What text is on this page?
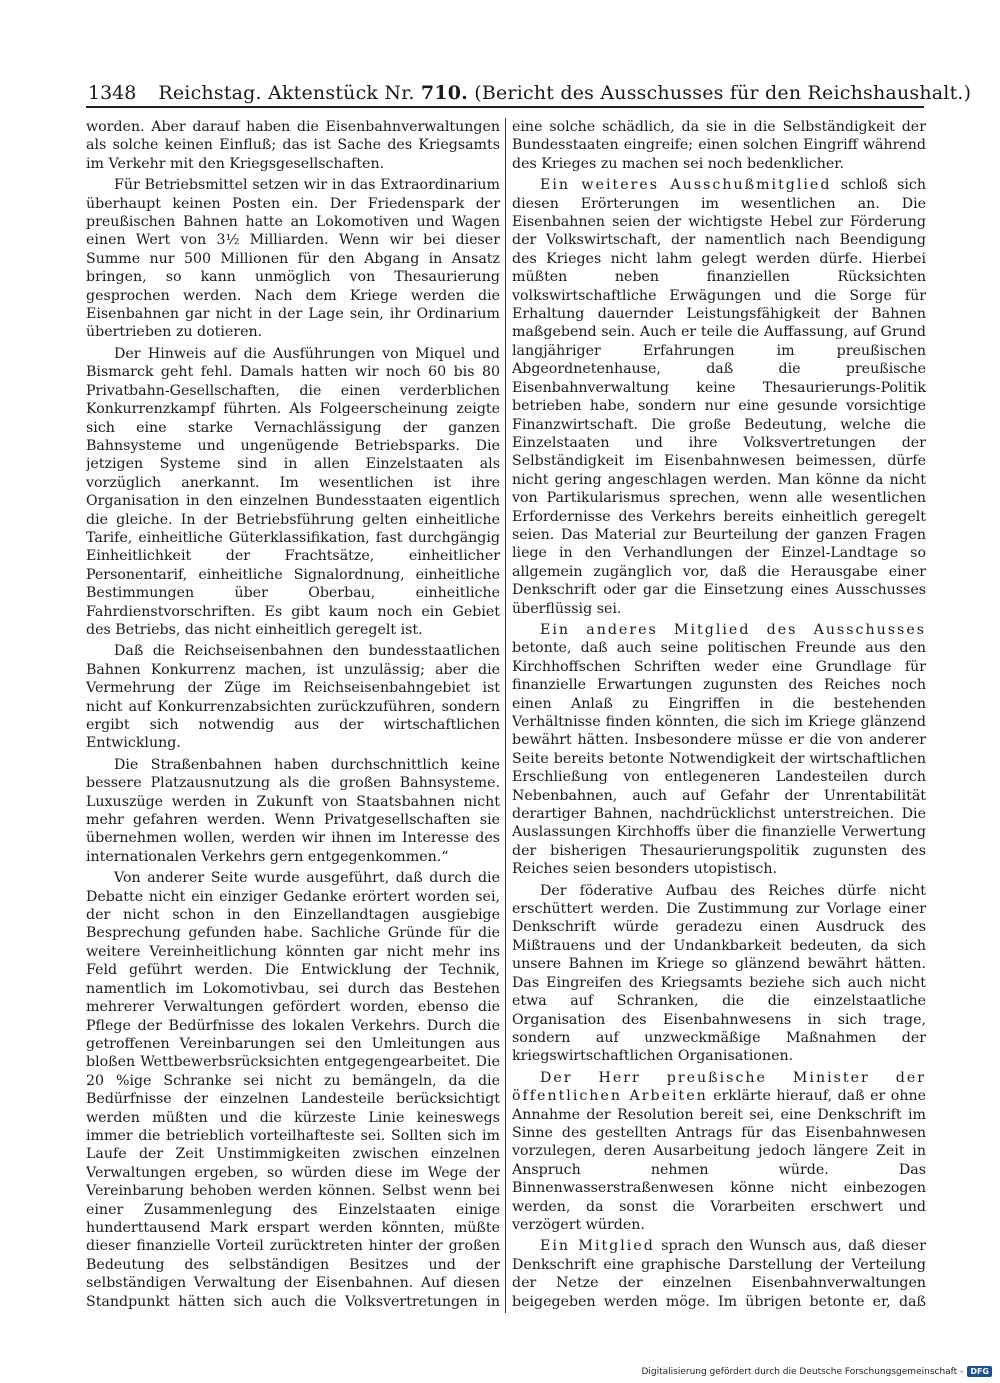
1348 Reichstag. Aktenstück Nr. 710. (Bericht des Ausschusses für den Reichshaushalt.)

worden. Aber darauf haben die Eisenbahnverwaltungen als solche keinen Einfluß; das ist Sache des Kriegsamts im Verkehr mit den Kriegsgesellschaften.

Für Betriebsmittel setzen wir in das Extraordinarium überhaupt keinen Posten ein. Der Friedenspark der preußischen Bahnen hatte an Lokomotiven und Wagen einen Wert von 3½ Milliarden. Wenn wir bei dieser Summe nur 500 Millionen für den Abgang in Ansatz bringen, so kann unmöglich von Thesaurierung gesprochen werden. Nach dem Kriege werden die Eisenbahnen gar nicht in der Lage sein, ihr Ordinarium übertrieben zu dotieren.

Der Hinweis auf die Ausführungen von Miquel und Bismarck geht fehl. Damals hatten wir noch 60 bis 80 Privatbahn-Gesellschaften, die einen verderblichen Konkurrenzkampf führten. Als Folgeerscheinung zeigte sich eine starke Vernachlässigung der ganzen Bahnsysteme und ungenügende Betriebsparks. Die jetzigen Systeme sind in allen Einzelstaaten als vorzüglich anerkannt. Im wesentlichen ist ihre Organisation in den einzelnen Bundesstaaten eigentlich die gleiche. In der Betriebsführung gelten einheitliche Tarife, einheitliche Güterklassifikation, fast durchgängig Einheitlichkeit der Frachtsätze, einheitlicher Personentarif, einheitliche Signalordnung, einheitliche Bestimmungen über Oberbau, einheitliche Fahrdienstvorschriften. Es gibt kaum noch ein Gebiet des Betriebs, das nicht einheitlich geregelt ist.

Daß die Reichseisenbahnen den bundesstaatlichen Bahnen Konkurrenz machen, ist unzulässig; aber die Vermehrung der Züge im Reichseisenbahngebiet ist nicht auf Konkurrenzabsichten zurückzuführen, sondern ergibt sich notwendig aus der wirtschaftlichen Entwicklung.

Die Straßenbahnen haben durchschnittlich keine bessere Platzausnutzung als die großen Bahnsysteme. Luxuszüge werden in Zukunft von Staatsbahnen nicht mehr gefahren werden. Wenn Privatgesellschaften sie übernehmen wollen, werden wir ihnen im Interesse des internationalen Verkehrs gern entgegenkommen.“

Von anderer Seite wurde ausgeführt, daß durch die Debatte nicht ein einziger Gedanke erörtert worden sei, der nicht schon in den Einzellandtagen ausgiebige Besprechung gefunden habe. Sachliche Gründe für die weitere Vereinheitlichung könnten gar nicht mehr ins Feld geführt werden. Die Entwicklung der Technik, namentlich im Lokomotivbau, sei durch das Bestehen mehrerer Verwaltungen gefördert worden, ebenso die Pflege der Bedürfnisse des lokalen Verkehrs. Durch die getroffenen Vereinbarungen sei den Umleitungen aus bloßen Wettbewerbsrücksichten entgegengearbeitet. Die 20 %ige Schranke sei nicht zu bemängeln, da die Bedürfnisse der einzelnen Landesteile berücksichtigt werden müßten und die kürzeste Linie keineswegs immer die betrieblich vorteilhafteste sei. Sollten sich im Laufe der Zeit Unstimmigkeiten zwischen einzelnen Verwaltungen ergeben, so würden diese im Wege der Vereinbarung behoben werden können. Selbst wenn bei einer Zusammenlegung des Einzelstaaten einige hunderttausend Mark erspart werden könnten, müßte dieser finanzielle Vorteil zurücktreten hinter der großen Bedeutung des selbständigen Besitzes und der selbständigen Verwaltung der Eisenbahnen. Auf diesen Standpunkt hätten sich auch die Volksvertretungen in

eine solche schädlich, da sie in die Selbständigkeit der Bundesstaaten eingreife; einen solchen Eingriff während des Krieges zu machen sei noch bedenklicher.

Ein weiteres Ausschußmitglied schloß sich diesen Erörterungen im wesentlichen an. Die Eisenbahnen seien der wichtigste Hebel zur Förderung der Volkswirtschaft, der namentlich nach Beendigung des Krieges nicht lahm gelegt werden dürfe. Hierbei müßten neben finanziellen Rücksichten volkswirtschaftliche Erwägungen und die Sorge für Erhaltung dauernder Leistungsfähigkeit der Bahnen maßgebend sein. Auch er teile die Auffassung, auf Grund langjähriger Erfahrungen im preußischen Abgeordnetenhause, daß die preußische Eisenbahnverwaltung keine Thesaurierungs-Politik betrieben habe, sondern nur eine gesunde vorsichtige Finanzwirtschaft. Die große Bedeutung, welche die Einzelstaaten und ihre Volksvertretungen der Selbständigkeit im Eisenbahnwesen beimessen, dürfe nicht gering angeschlagen werden. Man könne da nicht von Partikularismus sprechen, wenn alle wesentlichen Erfordernisse des Verkehrs bereits einheitlich geregelt seien. Das Material zur Beurteilung der ganzen Fragen liege in den Verhandlungen der Einzel-Landtage so allgemein zugänglich vor, daß die Herausgabe einer Denkschrift oder gar die Einsetzung eines Ausschusses überflüssig sei.

Ein anderes Mitglied des Ausschusses betonte, daß auch seine politischen Freunde aus den Kirchhoffschen Schriften weder eine Grundlage für finanzielle Erwartungen zugunsten des Reiches noch einen Anlaß zu Eingriffen in die bestehenden Verhältnisse finden könnten, die sich im Kriege glänzend bewährt hätten. Insbesondere müsse er die von anderer Seite bereits betonte Notwendigkeit der wirtschaftlichen Erschließung von entlegeneren Landesteilen durch Nebenbahnen, auch auf Gefahr der Unrentabilität derartiger Bahnen, nachdrücklichst unterstreichen. Die Auslassungen Kirchhoffs über die finanzielle Verwertung der bisherigen Thesaurierungspolitik zugunsten des Reiches seien besonders utopistisch.

Der föderative Aufbau des Reiches dürfe nicht erschüttert werden. Die Zustimmung zur Vorlage einer Denkschrift würde geradezu einen Ausdruck des Mißtrauens und der Undankbarkeit bedeuten, da sich unsere Bahnen im Kriege so glänzend bewährt hätten. Das Eingreifen des Kriegsamts beziehe sich auch nicht etwa auf Schranken, die die einzelstaatliche Organisation des Eisenbahnwesens in sich trage, sondern auf unzweckmäßige Maßnahmen der kriegswirtschaftlichen Organisationen.

Der Herr preußische Minister der öffentlichen Arbeiten erklärte hierauf, daß er ohne Annahme der Resolution bereit sei, eine Denkschrift im Sinne des gestellten Antrags für das Eisenbahnwesen vorzulegen, deren Ausarbeitung jedoch längere Zeit in Anspruch nehmen würde. Das Binnenwasserstraßenwesen könne nicht einbezogen werden, da sonst die Vorarbeiten erschwert und verzögert würden.

Ein Mitglied sprach den Wunsch aus, daß dieser Denkschrift eine graphische Darstellung der Verteilung der Netze der einzelnen Eisenbahnverwaltungen beigegeben werden möge. Im übrigen betonte er, daß

Digitalisierung gefördert durch die Deutsche Forschungsgemeinschaft - DFG
